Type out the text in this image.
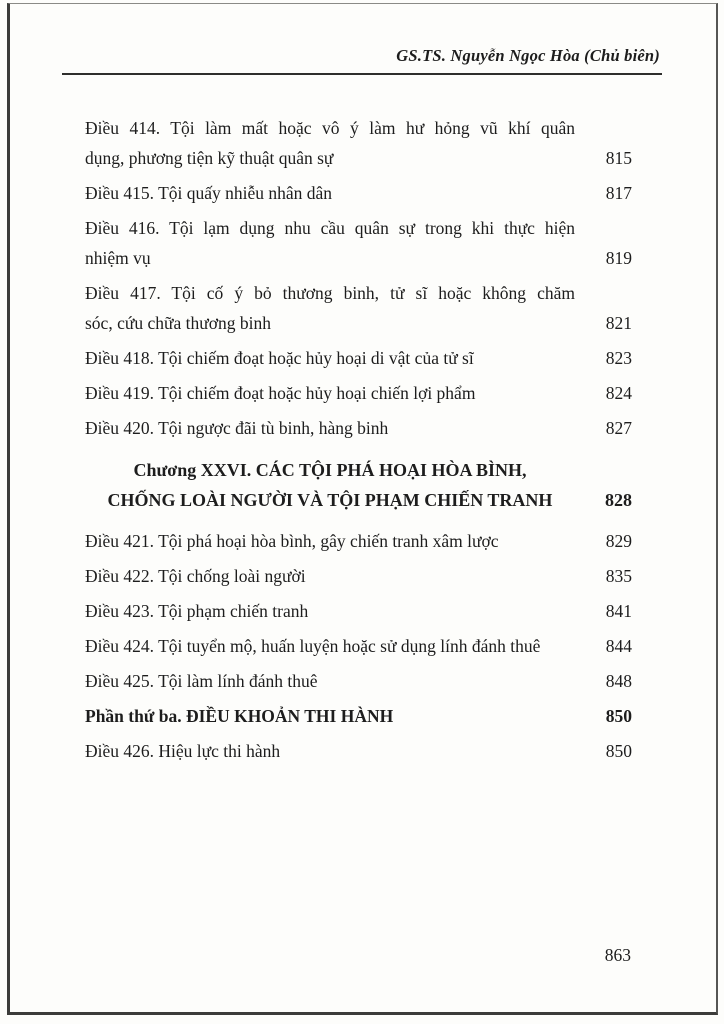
GS.TS. Nguyễn Ngọc Hòa (Chủ biên)
Điều 414. Tội làm mất hoặc vô ý làm hư hỏng vũ khí quân
dụng, phương tiện kỹ thuật quân sự	815
Điều 415. Tội quấy nhiễu nhân dân	817
Điều 416. Tội lạm dụng nhu cầu quân sự trong khi thực hiện
nhiệm vụ	819
Điều 417. Tội cố ý bỏ thương binh, tử sĩ hoặc không chăm
sóc, cứu chữa thương binh	821
Điều 418. Tội chiếm đoạt hoặc hủy hoại di vật của tử sĩ	823
Điều 419. Tội chiếm đoạt hoặc hủy hoại chiến lợi phẩm	824
Điều 420. Tội ngược đãi tù binh, hàng binh	827
Chương XXVI. CÁC TỘI PHÁ HOẠI HÒA BÌNH,
CHỐNG LOÀI NGƯỜI VÀ TỘI PHẠM CHIẾN TRANH	828
Điều 421. Tội phá hoại hòa bình, gây chiến tranh xâm lược	829
Điều 422. Tội chống loài người	835
Điều 423. Tội phạm chiến tranh	841
Điều 424. Tội tuyển mộ, huấn luyện hoặc sử dụng lính đánh thuê	844
Điều 425. Tội làm lính đánh thuê	848
Phần thứ ba. ĐIỀU KHOẢN THI HÀNH	850
Điều 426. Hiệu lực thi hành	850
863
